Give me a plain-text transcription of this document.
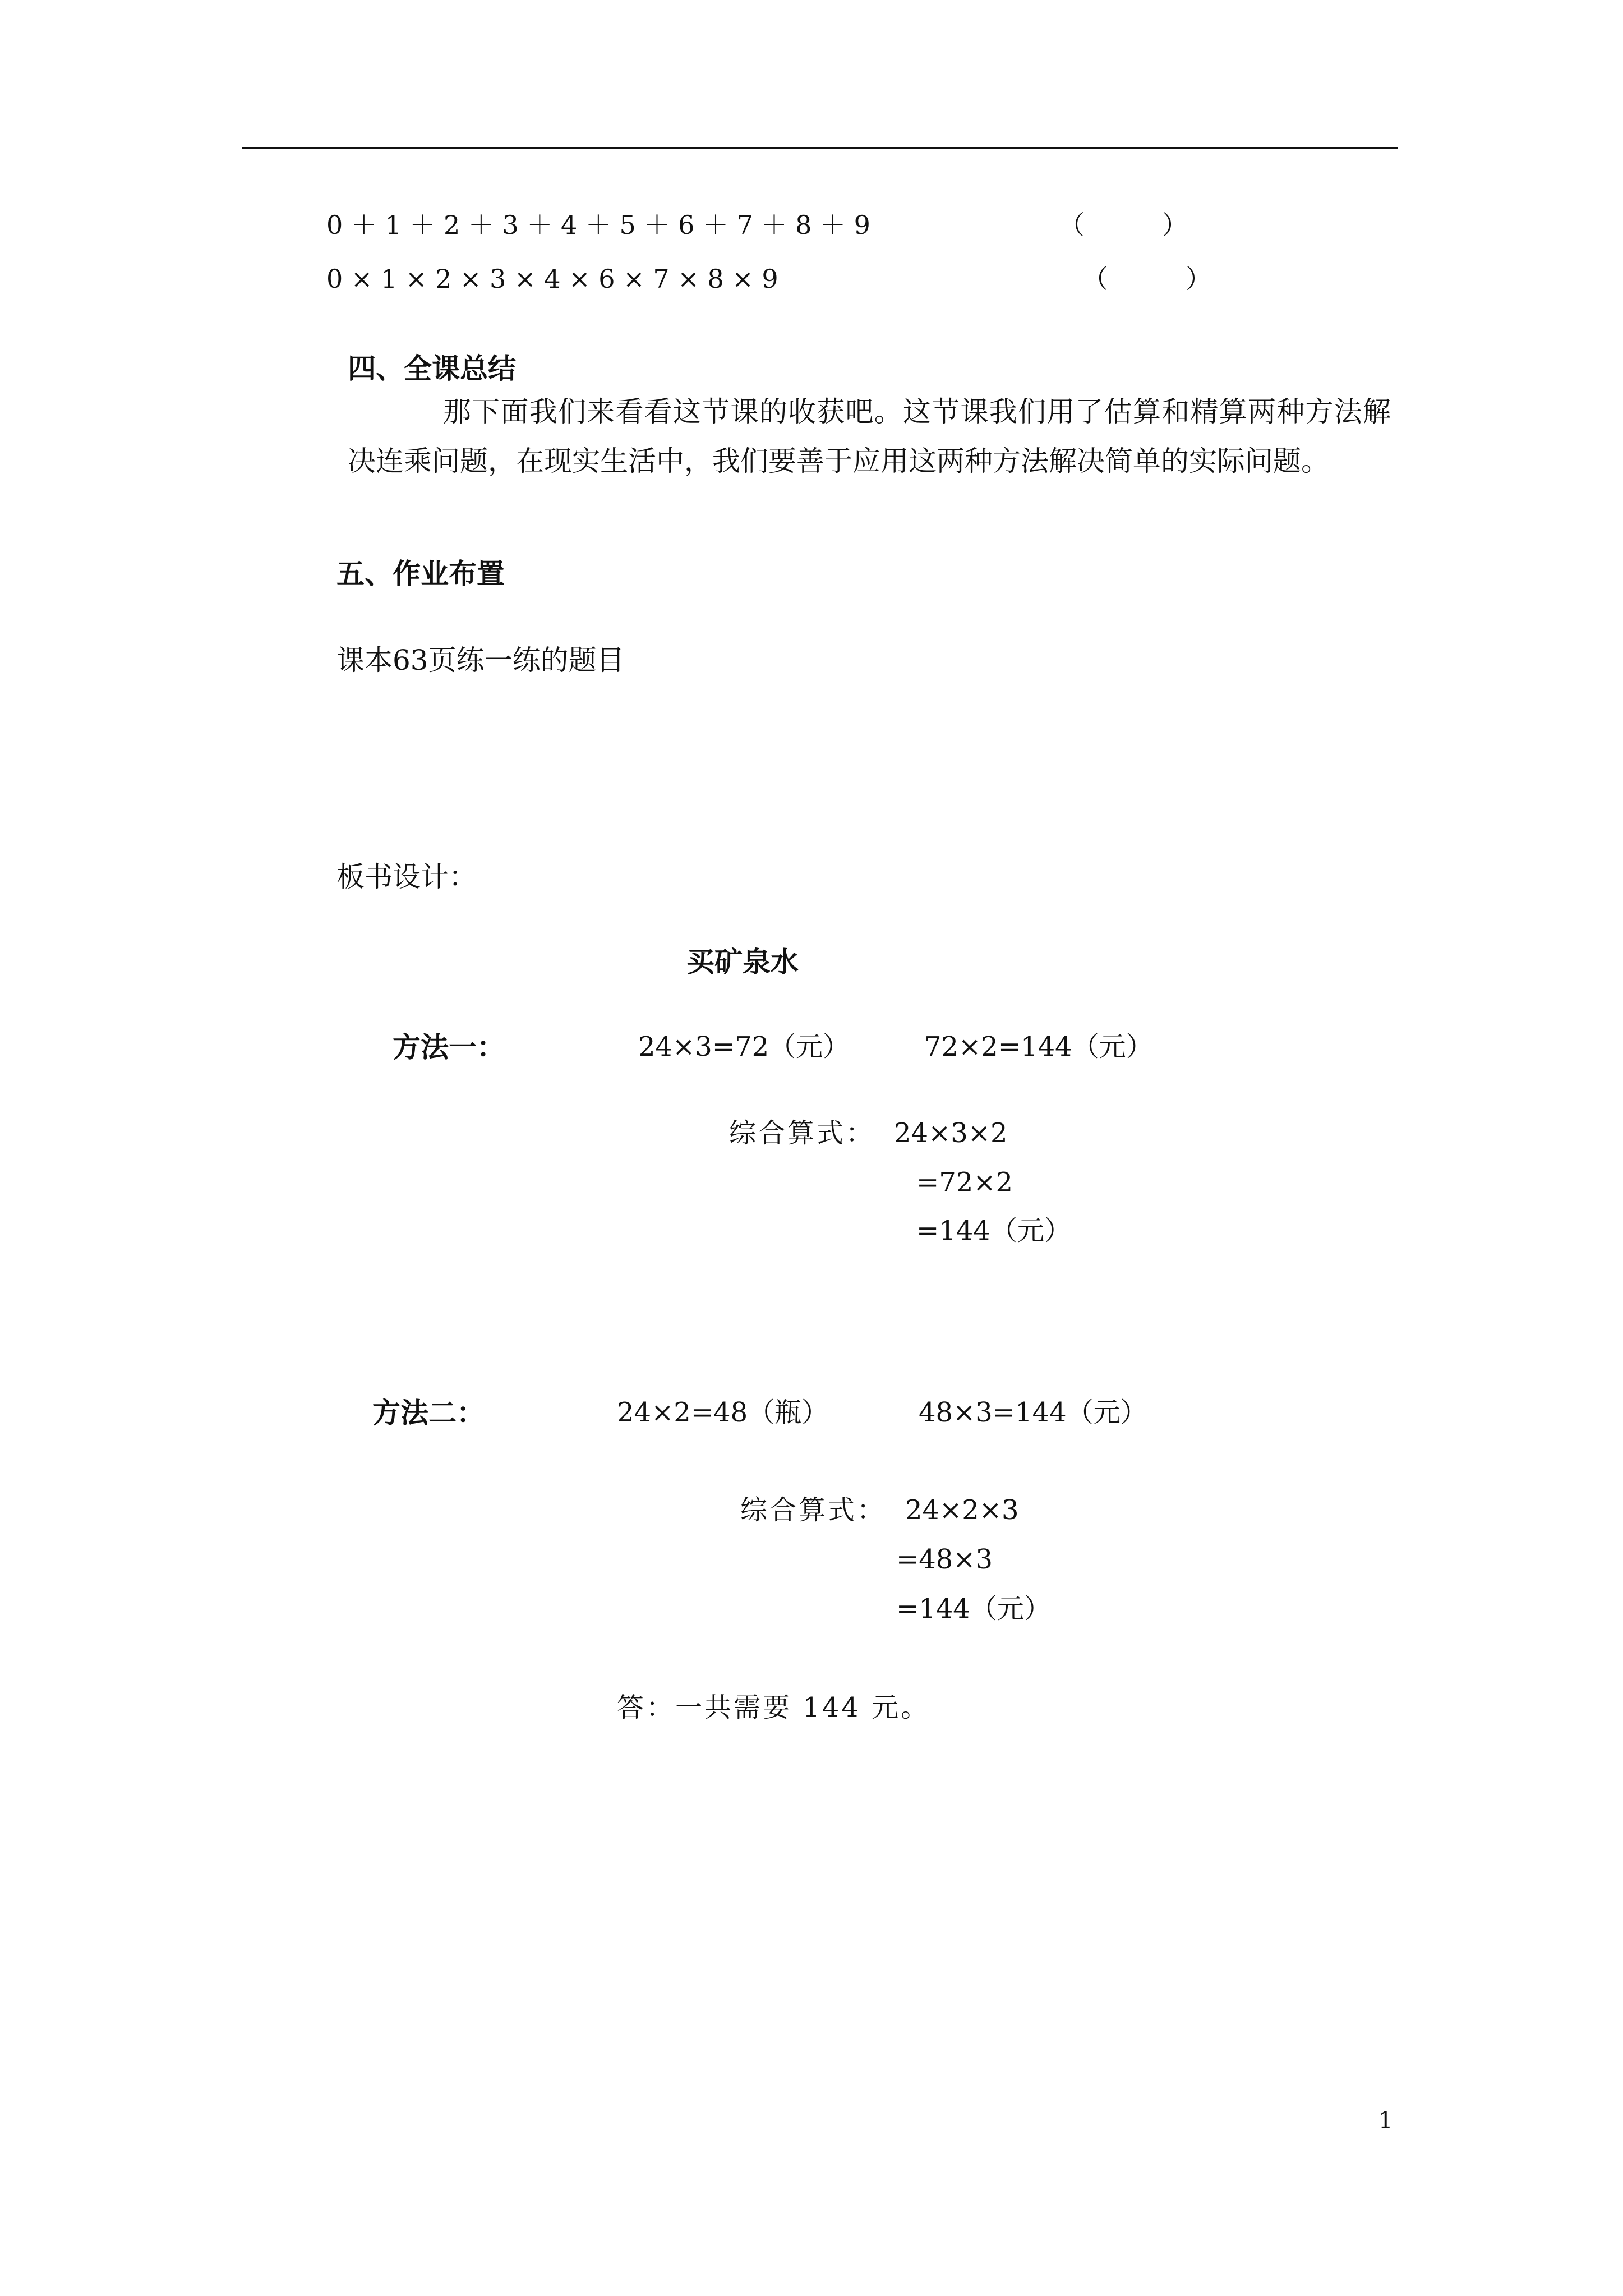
0 ＋ 1 ＋ 2 ＋ 3 ＋ 4 ＋ 5 ＋ 6 ＋ 7 ＋ 8 ＋ 9	（　　　）
0 × 1 × 2 × 3 × 4 × 6 × 7 × 8 × 9	（　　　）
四、全课总结
那下面我们来看看这节课的收获吧。这节课我们用了估算和精算两种方法解决连乘问题，在现实生活中，我们要善于应用这两种方法解决简单的实际问题。
五、作业布置
课本63页练一练的题目
板书设计：
买矿泉水
方法一：	24×3=72（元）	72×2=144（元）
综合算式： 24×3×2
=72×2
=144（元）
方法二：	24×2=48（瓶）	48×3=144（元）
综合算式： 24×2×3
=48×3
=144（元）
答：一共需要 144 元。
1
